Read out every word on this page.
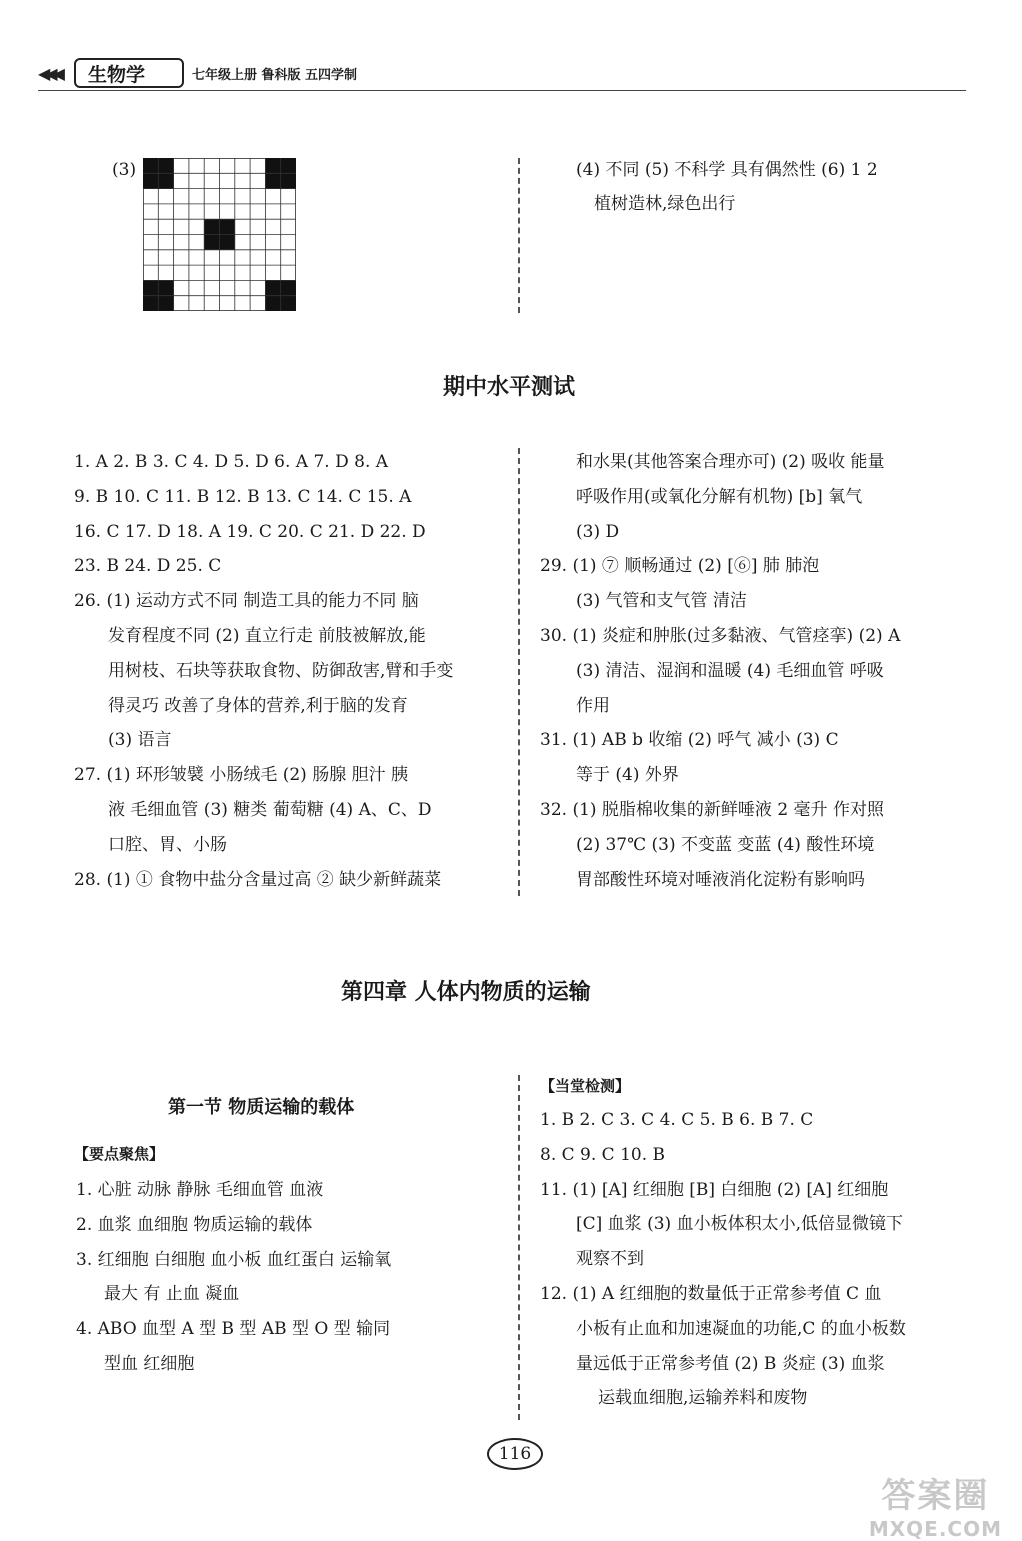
◀◀◀	生物学	七年级上册 鲁科版 五四学制
(3)	(4) 不同 (5) 不科学 具有偶然性 (6) 1 2
植树造林,绿色出行
期中水平测试
1. A 2. B 3. C 4. D 5. D 6. A 7. D 8. A
9. B 10. C 11. B 12. B 13. C 14. C 15. A
16. C 17. D 18. A 19. C 20. C 21. D 22. D
23. B 24. D 25. C
26. (1) 运动方式不同 制造工具的能力不同 脑
发育程度不同 (2) 直立行走 前肢被解放,能
用树枝、石块等获取食物、防御敌害,臂和手变
得灵巧 改善了身体的营养,利于脑的发育
(3) 语言
27. (1) 环形皱襞 小肠绒毛 (2) 肠腺 胆汁 胰
液 毛细血管 (3) 糖类 葡萄糖 (4) A、C、D
口腔、胃、小肠
28. (1) ① 食物中盐分含量过高 ② 缺少新鲜蔬菜
和水果(其他答案合理亦可) (2) 吸收 能量
呼吸作用(或氧化分解有机物) [b] 氧气
(3) D
29. (1) ⑦ 顺畅通过 (2) [⑥] 肺 肺泡
(3) 气管和支气管 清洁
30. (1) 炎症和肿胀(过多黏液、气管痉挛) (2) A
(3) 清洁、湿润和温暖 (4) 毛细血管 呼吸
作用
31. (1) AB b 收缩 (2) 呼气 减小 (3) C
等于 (4) 外界
32. (1) 脱脂棉收集的新鲜唾液 2 毫升 作对照
(2) 37℃ (3) 不变蓝 变蓝 (4) 酸性环境
胃部酸性环境对唾液消化淀粉有影响吗
第四章 人体内物质的运输
第一节 物质运输的载体
【要点聚焦】
【当堂检测】
1. 心脏 动脉 静脉 毛细血管 血液
2. 血浆 血细胞 物质运输的载体
3. 红细胞 白细胞 血小板 血红蛋白 运输氧
最大 有 止血 凝血
4. ABO 血型 A 型 B 型 AB 型 O 型 输同
型血 红细胞
1. B 2. C 3. C 4. C 5. B 6. B 7. C
8. C 9. C 10. B
11. (1) [A] 红细胞 [B] 白细胞 (2) [A] 红细胞
[C] 血浆 (3) 血小板体积太小,低倍显微镜下
观察不到
12. (1) A 红细胞的数量低于正常参考值 C 血
小板有止血和加速凝血的功能,C 的血小板数
量远低于正常参考值 (2) B 炎症 (3) 血浆
运载血细胞,运输养料和废物
116
答案圈
MXQE.COM
